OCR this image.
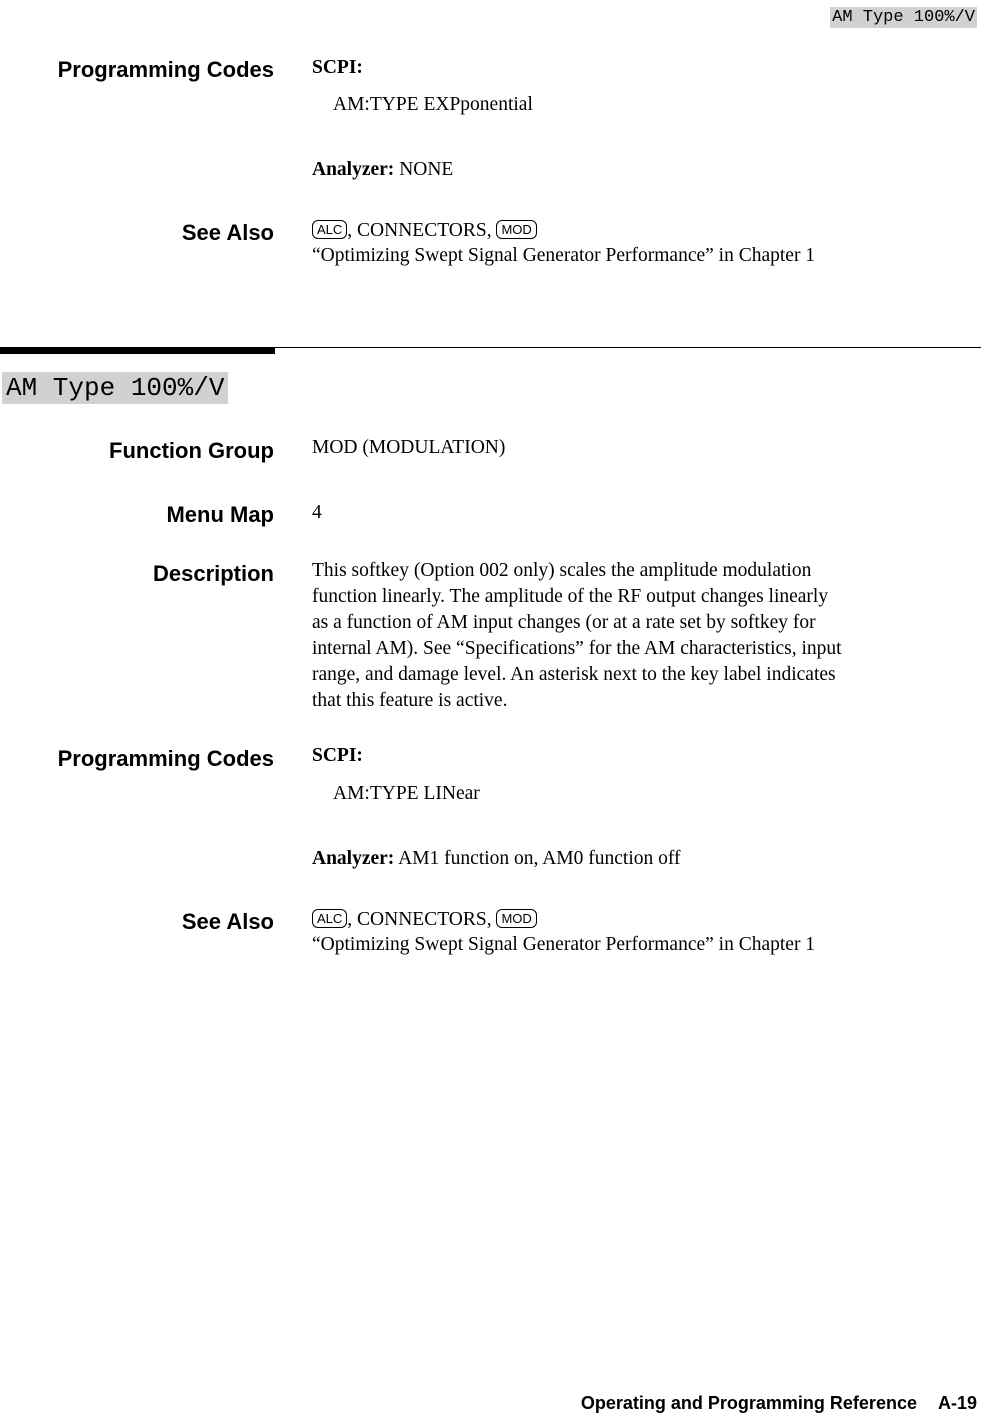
AM Type 100%/V
Programming Codes SCPI:
AM:TYPE EXPponential
Analyzer: NONE
See Also	ALC , CONNECTORS, MOD
“Optimizing Swept Signal Generator Performance” in Chapter 1
AM Type 100%/V
Function Group MOD (MODULATION)
Menu Map 4
Description This softkey (Option 002 only) scales the amplitude modulation
function linearly. The amplitude of the RF output changes linearly
as a function of AM input changes (or at a rate set by softkey for
internal AM). See “Specifications” for the AM characteristics, input
range, and damage level. An asterisk next to the key label indicates
that this feature is active.
Programming Codes SCPI:
AM:TYPE LINear
Analyzer: AM1 function on, AM0 function off
See Also	ALC , CONNECTORS, MOD
“Optimizing Swept Signal Generator Performance” in Chapter 1
Operating and Programming Reference A-19
